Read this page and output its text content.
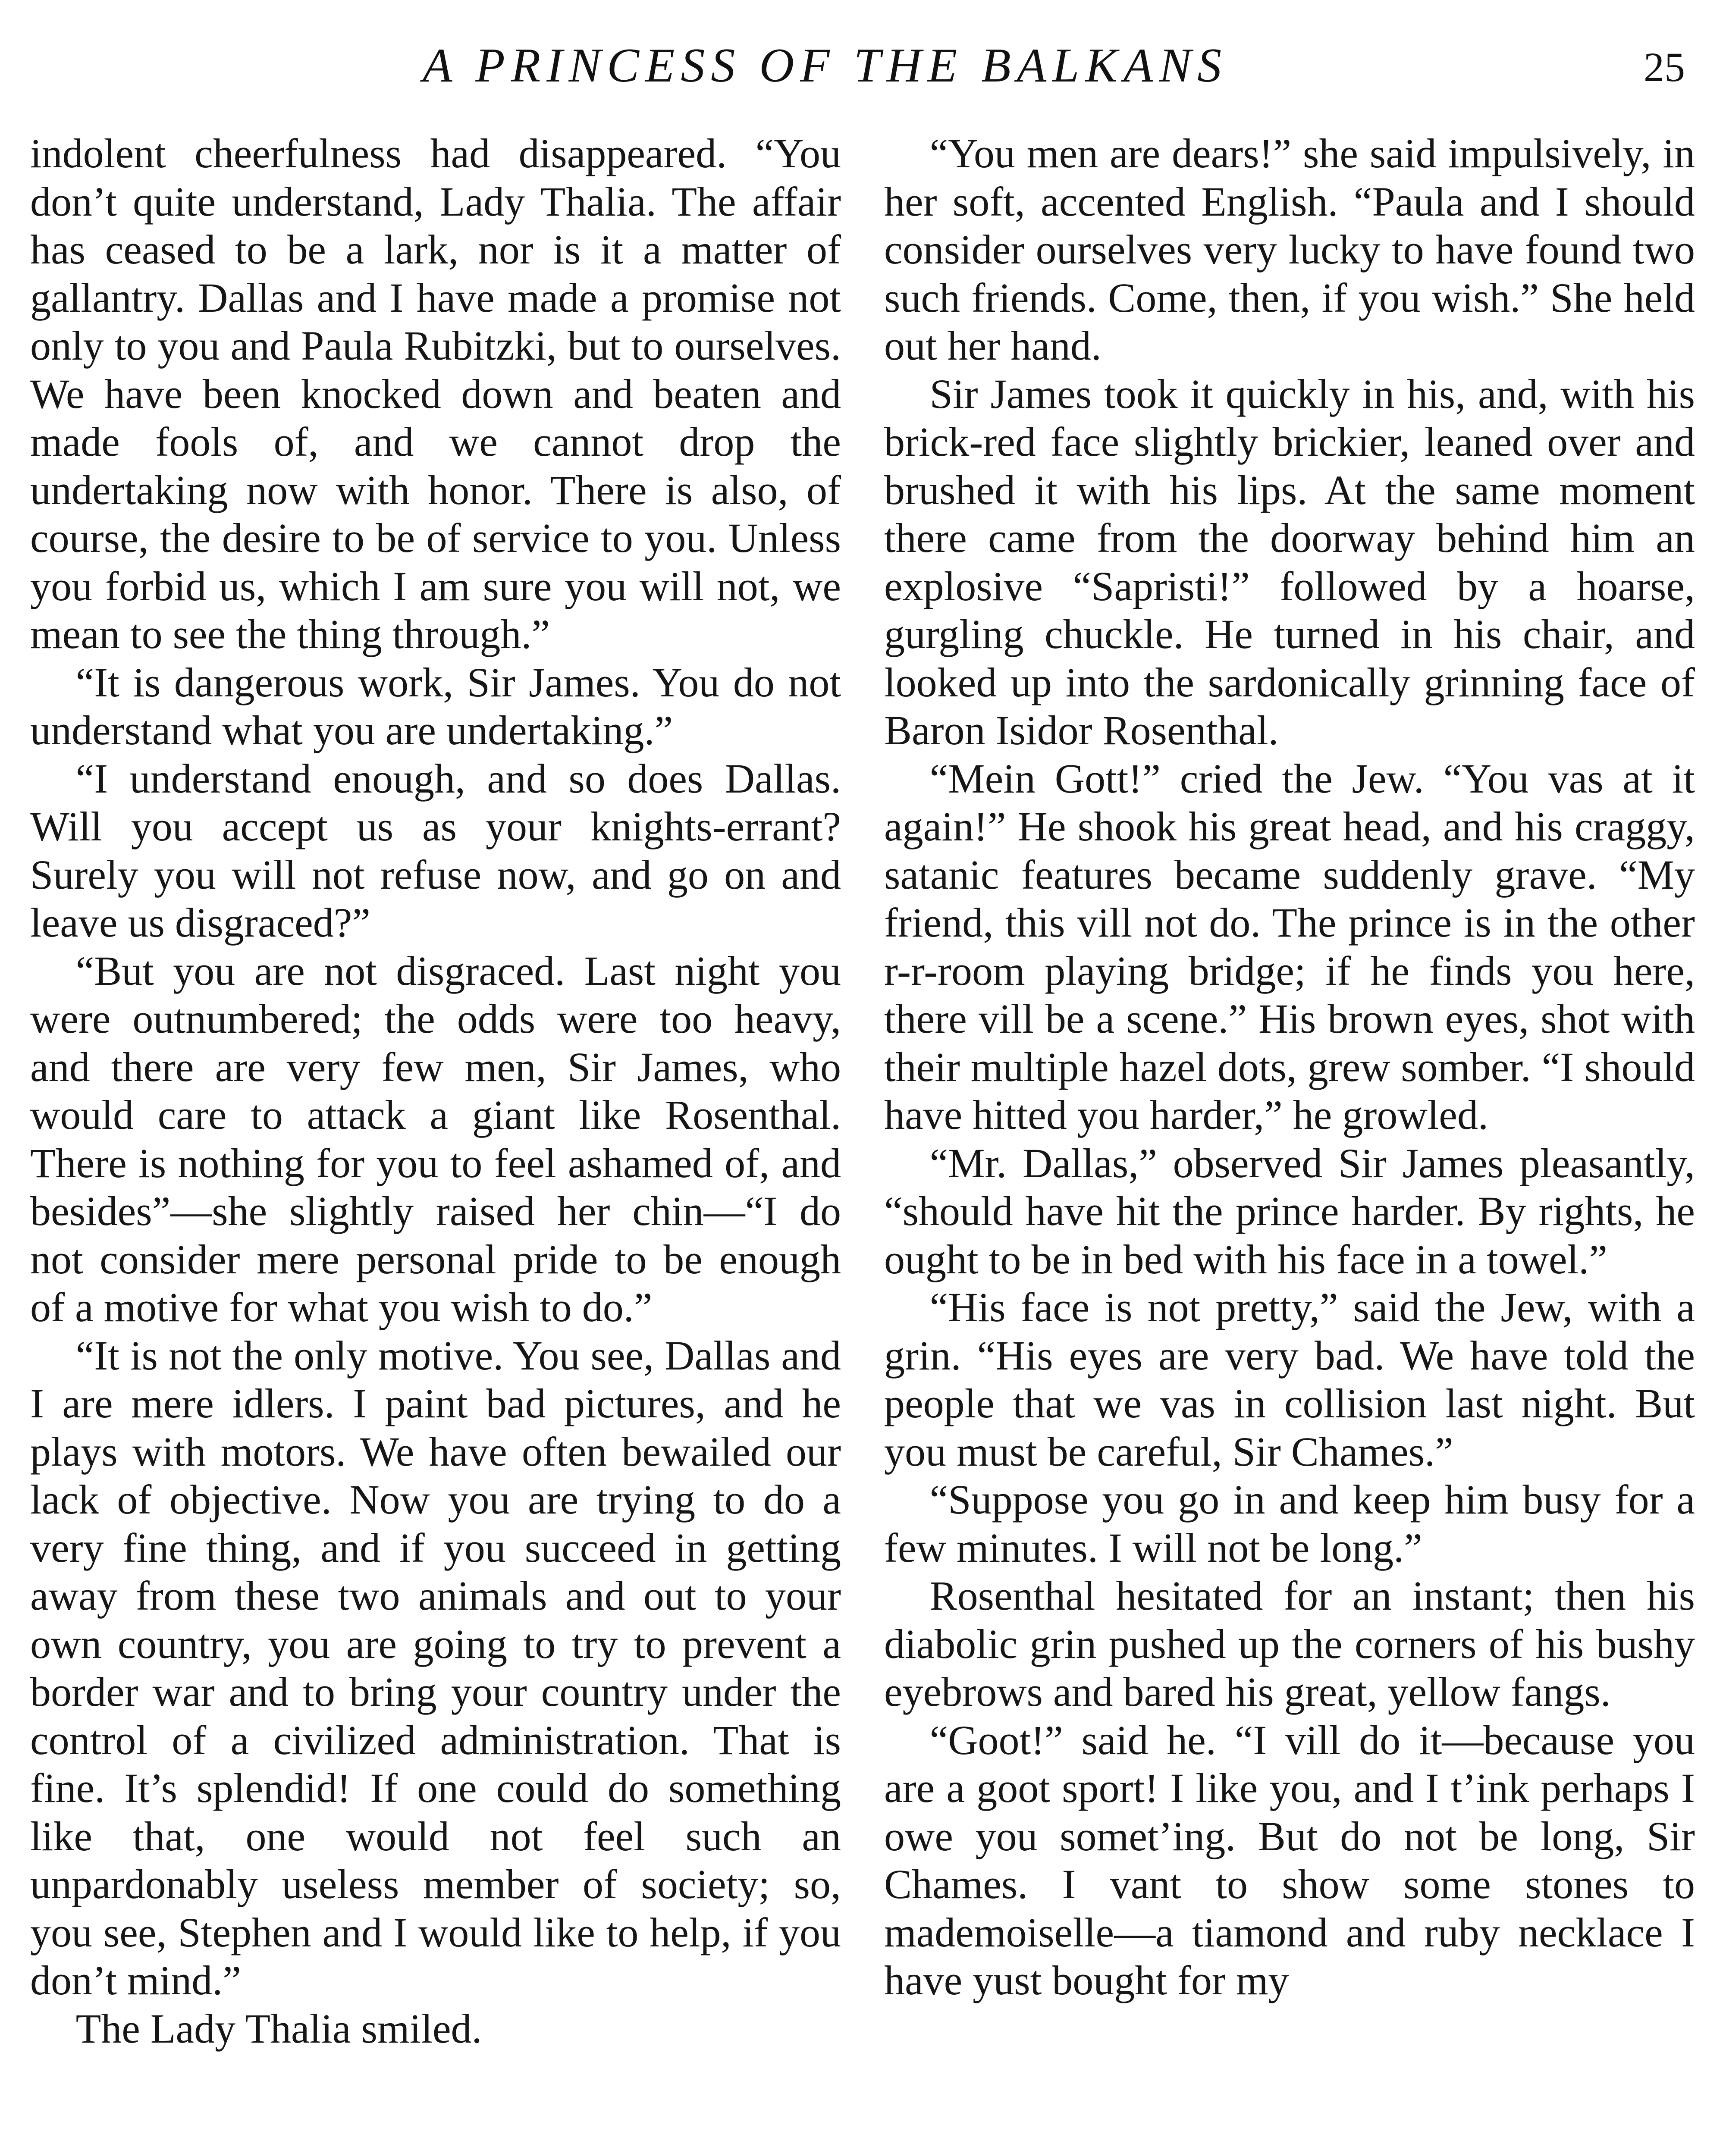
A PRINCESS OF THE BALKANS	25

indolent cheerfulness had disappeared. “You don’t quite understand, Lady Thalia. The affair has ceased to be a lark, nor is it a matter of gallantry. Dallas and I have made a promise not only to you and Paula Rubitzki, but to ourselves. We have been knocked down and beaten and made fools of, and we cannot drop the undertaking now with honor. There is also, of course, the desire to be of service to you. Unless you forbid us, which I am sure you will not, we mean to see the thing through.”

“It is dangerous work, Sir James. You do not understand what you are undertaking.”

“I understand enough, and so does Dallas. Will you accept us as your knights-errant? Surely you will not refuse now, and go on and leave us disgraced?”

“But you are not disgraced. Last night you were outnumbered; the odds were too heavy, and there are very few men, Sir James, who would care to attack a giant like Rosenthal. There is nothing for you to feel ashamed of, and besides”—she slightly raised her chin—“I do not consider mere personal pride to be enough of a motive for what you wish to do.”

“It is not the only motive. You see, Dallas and I are mere idlers. I paint bad pictures, and he plays with motors. We have often bewailed our lack of objective. Now you are trying to do a very fine thing, and if you succeed in getting away from these two animals and out to your own country, you are going to try to prevent a border war and to bring your country under the control of a civilized administration. That is fine. It’s splendid! If one could do something like that, one would not feel such an unpardonably useless member of society; so, you see, Stephen and I would like to help, if you don’t mind.”

The Lady Thalia smiled.

“You men are dears!” she said impulsively, in her soft, accented English. “Paula and I should consider ourselves very lucky to have found two such friends. Come, then, if you wish.” She held out her hand.

Sir James took it quickly in his, and, with his brick-red face slightly brickier, leaned over and brushed it with his lips. At the same moment there came from the doorway behind him an explosive “Sapristi!” followed by a hoarse, gurgling chuckle. He turned in his chair, and looked up into the sardonically grinning face of Baron Isidor Rosenthal.

“Mein Gott!” cried the Jew. “You vas at it again!” He shook his great head, and his craggy, satanic features became suddenly grave. “My friend, this vill not do. The prince is in the other r-r-room playing bridge; if he finds you here, there vill be a scene.” His brown eyes, shot with their multiple hazel dots, grew somber. “I should have hitted you harder,” he growled.

“Mr. Dallas,” observed Sir James pleasantly, “should have hit the prince harder. By rights, he ought to be in bed with his face in a towel.”

“His face is not pretty,” said the Jew, with a grin. “His eyes are very bad. We have told the people that we vas in collision last night. But you must be careful, Sir Chames.”

“Suppose you go in and keep him busy for a few minutes. I will not be long.”

Rosenthal hesitated for an instant; then his diabolic grin pushed up the corners of his bushy eyebrows and bared his great, yellow fangs.

“Goot!” said he. “I vill do it—because you are a goot sport! I like you, and I t’ink perhaps I owe you somet’ing. But do not be long, Sir Chames. I vant to show some stones to mademoiselle—a tiamond and ruby necklace I have yust bought for my
